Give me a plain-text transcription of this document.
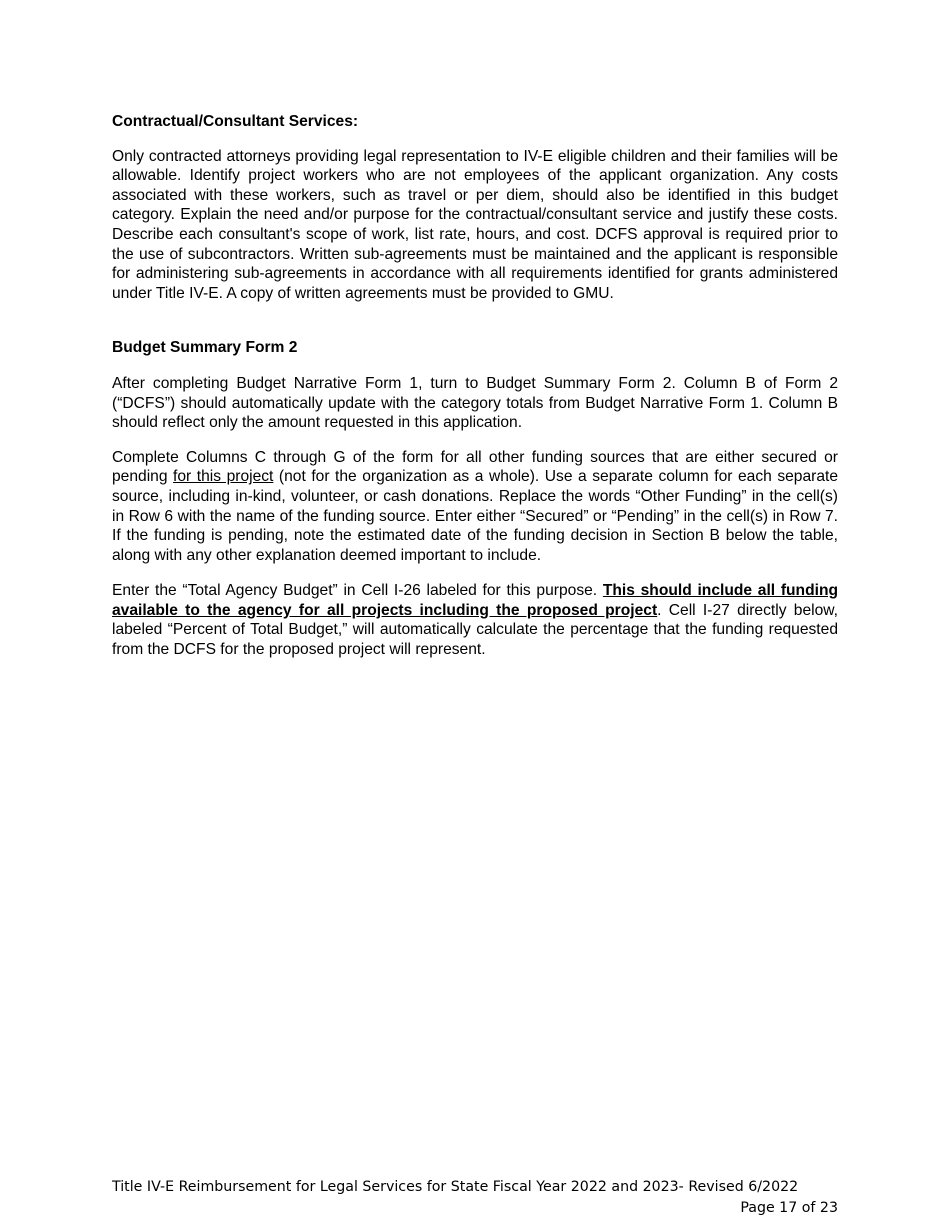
Contractual/Consultant Services:

Only contracted attorneys providing legal representation to IV-E eligible children and their families will be allowable. Identify project workers who are not employees of the applicant organization. Any costs associated with these workers, such as travel or per diem, should also be identified in this budget category. Explain the need and/or purpose for the contractual/consultant service and justify these costs. Describe each consultant's scope of work, list rate, hours, and cost. DCFS approval is required prior to the use of subcontractors. Written sub-agreements must be maintained and the applicant is responsible for administering sub-agreements in accordance with all requirements identified for grants administered under Title IV-E. A copy of written agreements must be provided to GMU.

Budget Summary Form 2

After completing Budget Narrative Form 1, turn to Budget Summary Form 2. Column B of Form 2 (“DCFS”) should automatically update with the category totals from Budget Narrative Form 1. Column B should reflect only the amount requested in this application.

Complete Columns C through G of the form for all other funding sources that are either secured or pending for this project (not for the organization as a whole). Use a separate column for each separate source, including in-kind, volunteer, or cash donations. Replace the words “Other Funding” in the cell(s) in Row 6 with the name of the funding source. Enter either “Secured” or “Pending” in the cell(s) in Row 7. If the funding is pending, note the estimated date of the funding decision in Section B below the table, along with any other explanation deemed important to include.

Enter the “Total Agency Budget” in Cell I-26 labeled for this purpose. This should include all funding available to the agency for all projects including the proposed project. Cell I-27 directly below, labeled “Percent of Total Budget,” will automatically calculate the percentage that the funding requested from the DCFS for the proposed project will represent.

Title IV-E Reimbursement for Legal Services for State Fiscal Year 2022 and 2023- Revised 6/2022
Page 17 of 23
